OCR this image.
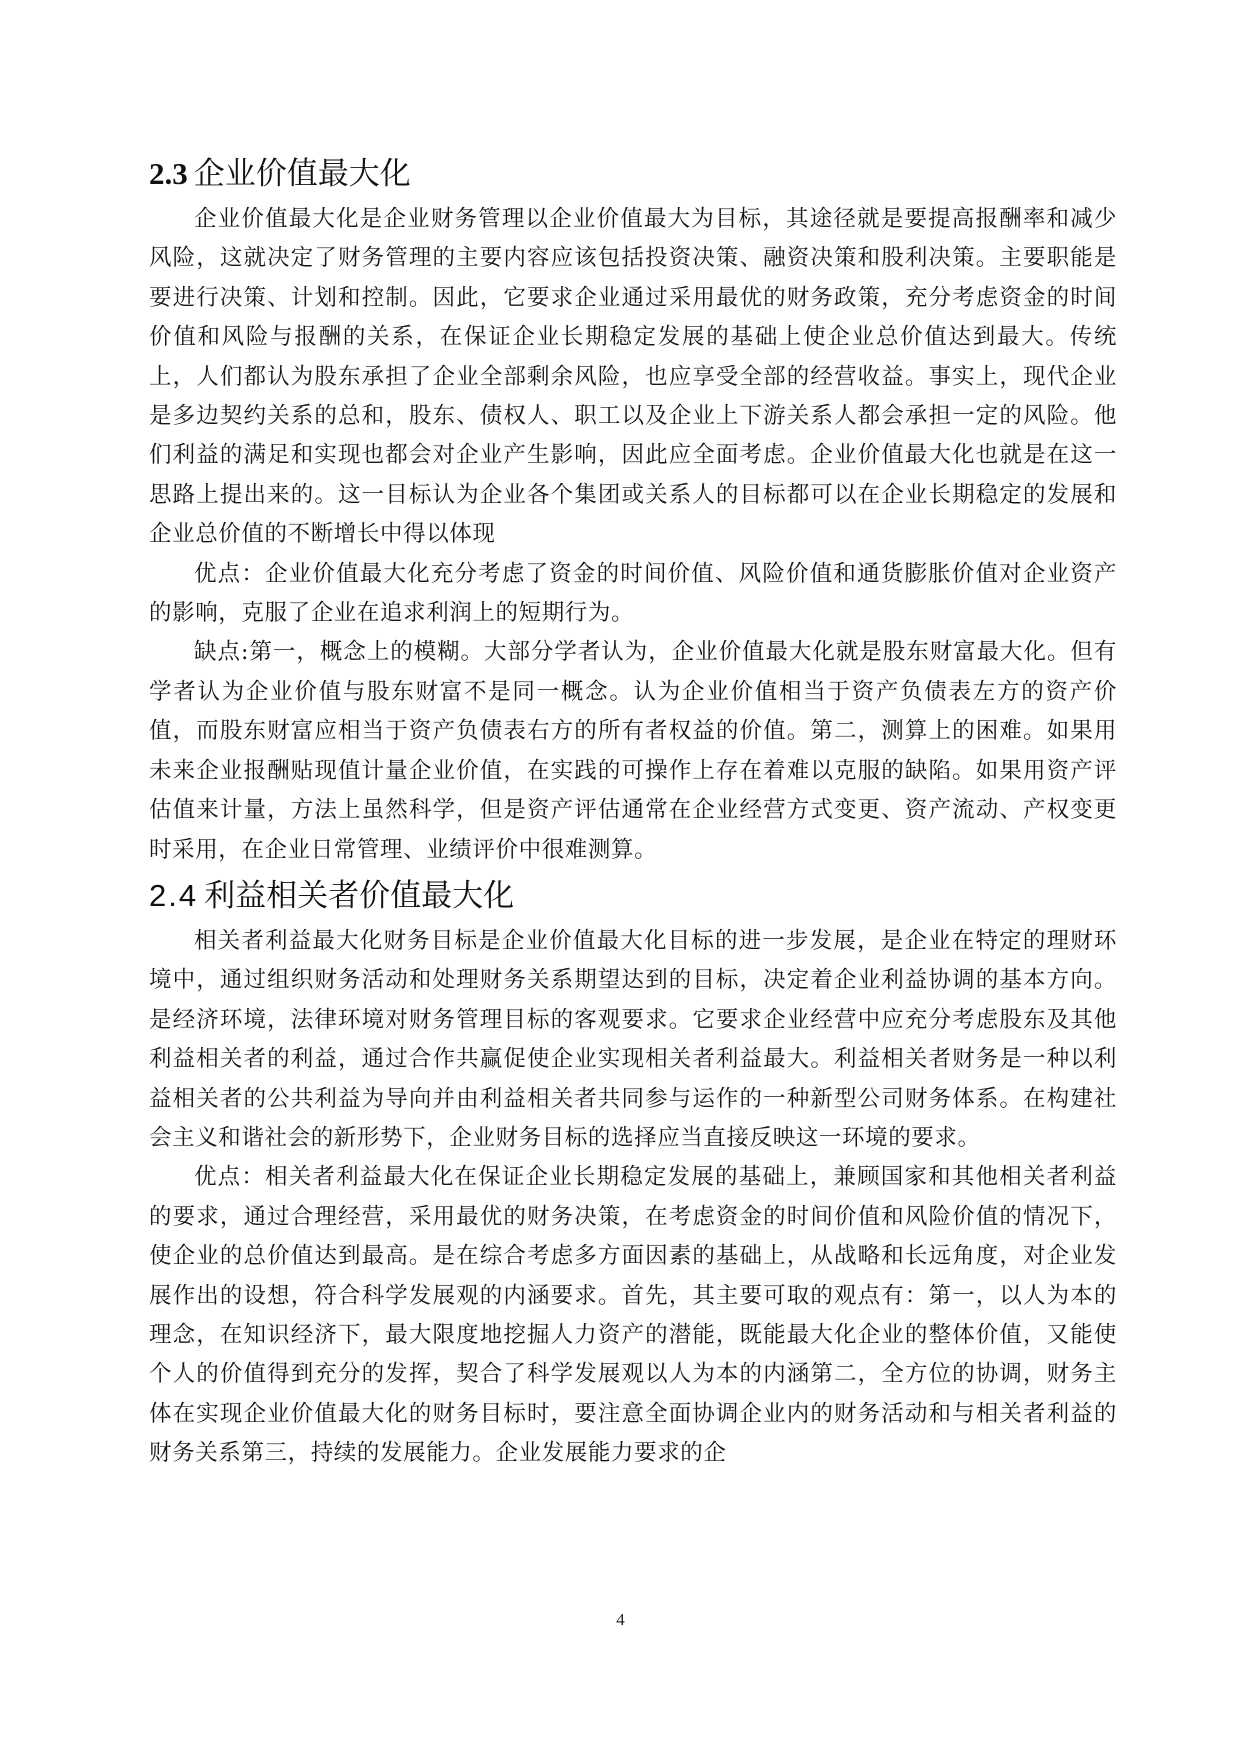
2.3 企业价值最大化

企业价值最大化是企业财务管理以企业价值最大为目标，其途径就是要提高报酬率和减少风险，这就决定了财务管理的主要内容应该包括投资决策、融资决策和股利决策。主要职能是要进行决策、计划和控制。因此，它要求企业通过采用最优的财务政策，充分考虑资金的时间价值和风险与报酬的关系，在保证企业长期稳定发展的基础上使企业总价值达到最大。传统上，人们都认为股东承担了企业全部剩余风险，也应享受全部的经营收益。事实上，现代企业是多边契约关系的总和，股东、债权人、职工以及企业上下游关系人都会承担一定的风险。他们利益的满足和实现也都会对企业产生影响，因此应全面考虑。企业价值最大化也就是在这一思路上提出来的。这一目标认为企业各个集团或关系人的目标都可以在企业长期稳定的发展和企业总价值的不断增长中得以体现

优点：企业价值最大化充分考虑了资金的时间价值、风险价值和通货膨胀价值对企业资产的影响，克服了企业在追求利润上的短期行为。

缺点:第一，概念上的模糊。大部分学者认为，企业价值最大化就是股东财富最大化。但有学者认为企业价值与股东财富不是同一概念。认为企业价值相当于资产负债表左方的资产价值，而股东财富应相当于资产负债表右方的所有者权益的价值。第二，测算上的困难。如果用未来企业报酬贴现值计量企业价值，在实践的可操作上存在着难以克服的缺陷。如果用资产评估值来计量，方法上虽然科学，但是资产评估通常在企业经营方式变更、资产流动、产权变更时采用，在企业日常管理、业绩评价中很难测算。

2.4 利益相关者价值最大化

相关者利益最大化财务目标是企业价值最大化目标的进一步发展，是企业在特定的理财环境中，通过组织财务活动和处理财务关系期望达到的目标，决定着企业利益协调的基本方向。是经济环境，法律环境对财务管理目标的客观要求。它要求企业经营中应充分考虑股东及其他利益相关者的利益，通过合作共赢促使企业实现相关者利益最大。利益相关者财务是一种以利益相关者的公共利益为导向并由利益相关者共同参与运作的一种新型公司财务体系。在构建社会主义和谐社会的新形势下，企业财务目标的选择应当直接反映这一环境的要求。

优点：相关者利益最大化在保证企业长期稳定发展的基础上，兼顾国家和其他相关者利益的要求，通过合理经营，采用最优的财务决策，在考虑资金的时间价值和风险价值的情况下，使企业的总价值达到最高。是在综合考虑多方面因素的基础上，从战略和长远角度，对企业发展作出的设想，符合科学发展观的内涵要求。首先，其主要可取的观点有：第一，以人为本的理念，在知识经济下，最大限度地挖掘人力资产的潜能，既能最大化企业的整体价值，又能使个人的价值得到充分的发挥，契合了科学发展观以人为本的内涵第二，全方位的协调，财务主体在实现企业价值最大化的财务目标时，要注意全面协调企业内的财务活动和与相关者利益的财务关系第三，持续的发展能力。企业发展能力要求的企

4
